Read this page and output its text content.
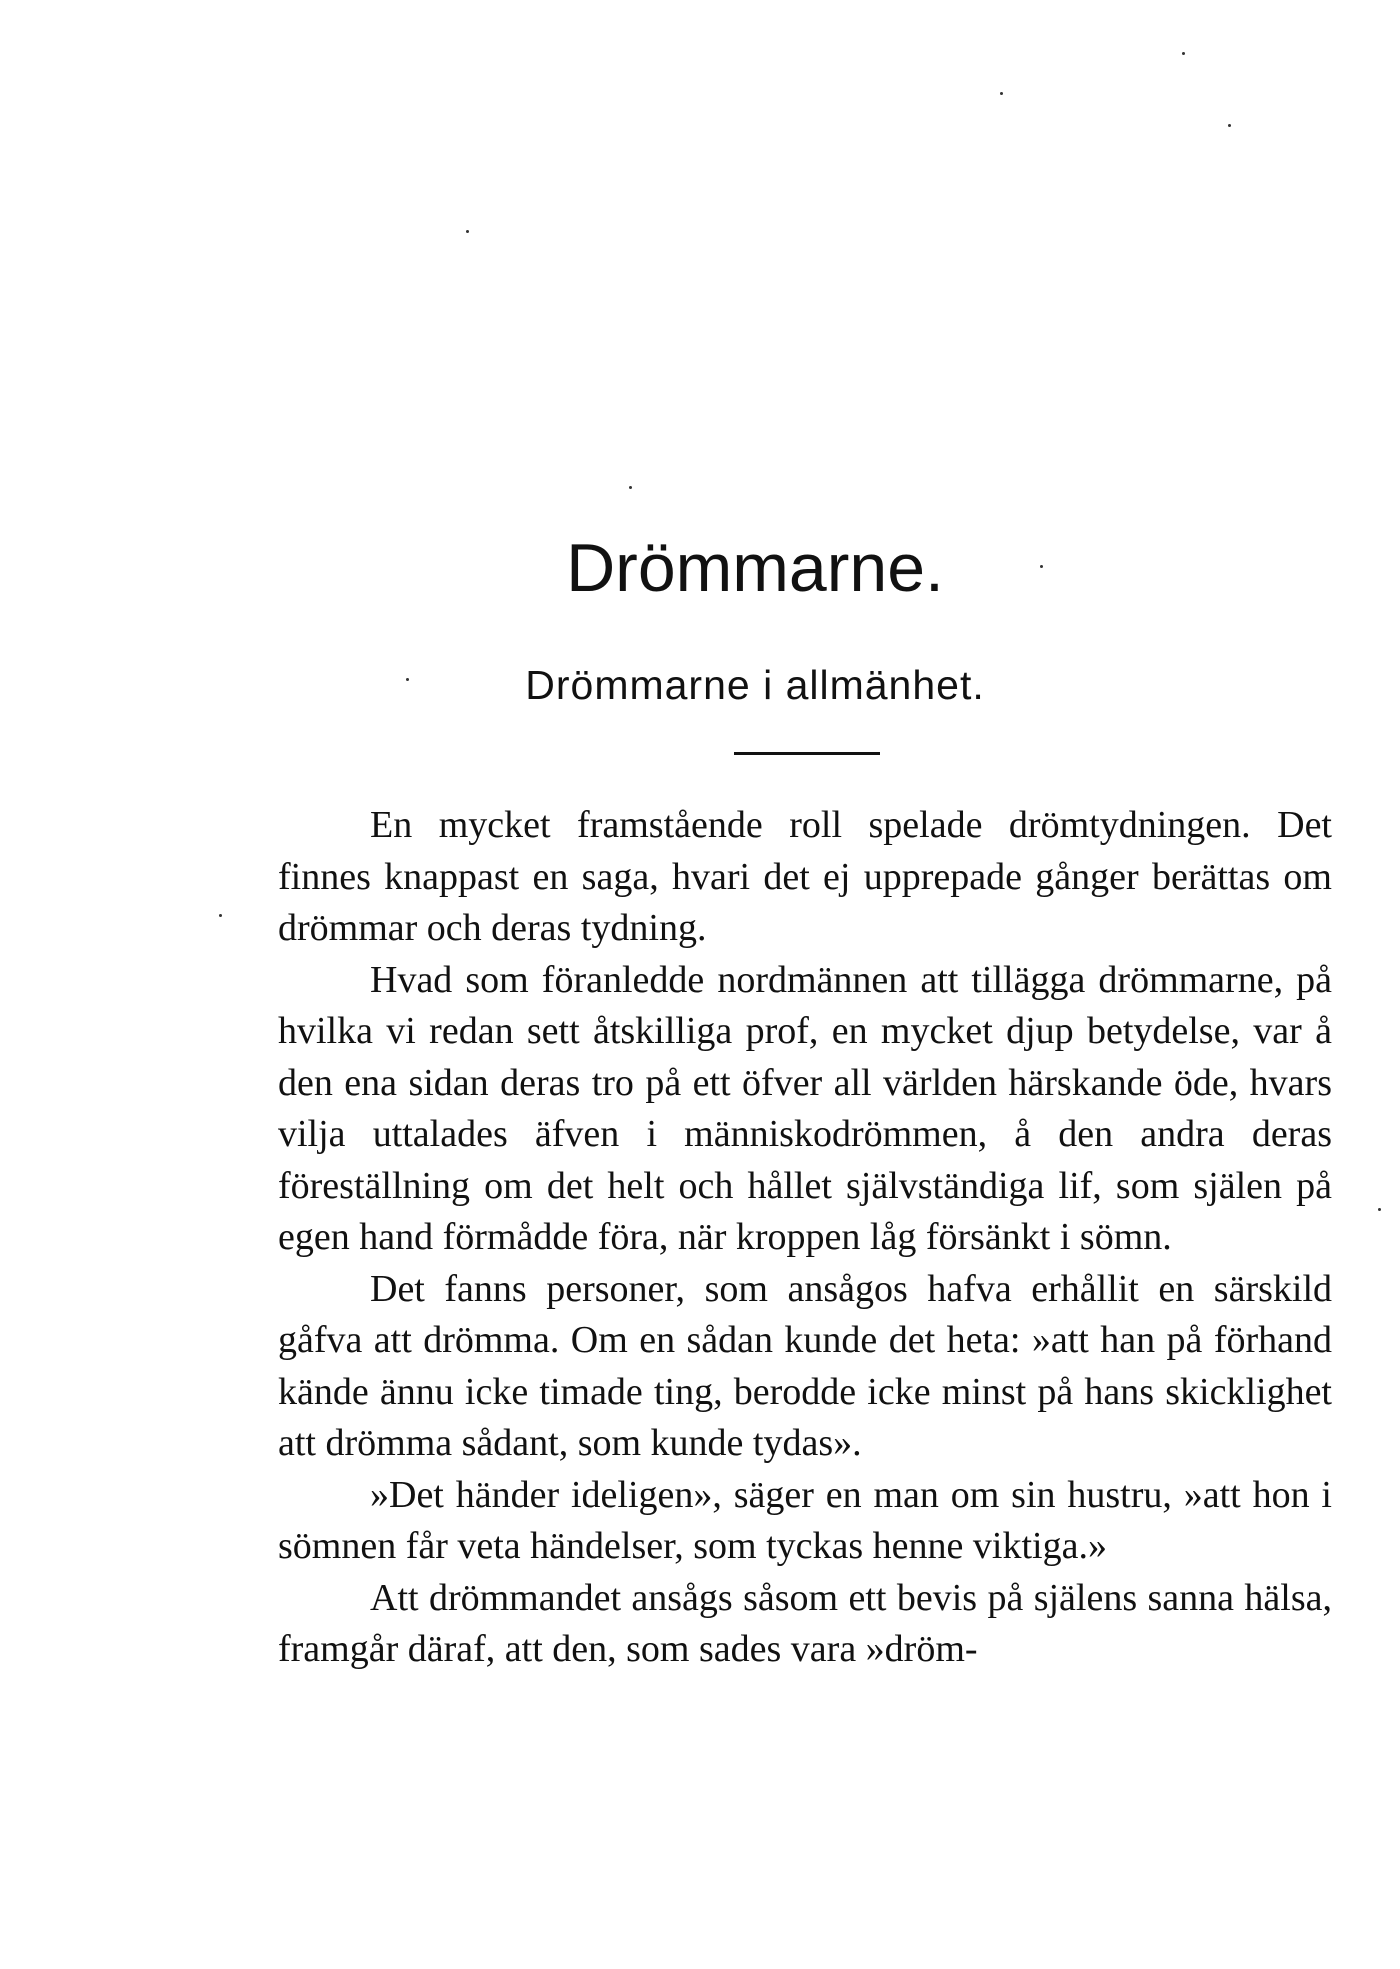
Drömmarne.
Drömmarne i allmänhet.

En mycket framstående roll spelade drömtydningen. Det finnes knappast en saga, hvari det ej upprepade gånger berättas om drömmar och deras tydning.

Hvad som föranledde nordmännen att tillägga drömmarne, på hvilka vi redan sett åtskilliga prof, en mycket djup betydelse, var å den ena sidan deras tro på ett öfver all världen härskande öde, hvars vilja uttalades äfven i människodrömmen, å den andra deras föreställning om det helt och hållet självständiga lif, som själen på egen hand förmådde föra, när kroppen låg försänkt i sömn.

Det fanns personer, som ansågos hafva erhållit en särskild gåfva att drömma. Om en sådan kunde det heta: »att han på förhand kände ännu icke timade ting, berodde icke minst på hans skicklighet att drömma sådant, som kunde tydas».

»Det händer ideligen», säger en man om sin hustru, »att hon i sömnen får veta händelser, som tyckas henne viktiga.»

Att drömmandet ansågs såsom ett bevis på själens sanna hälsa, framgår däraf, att den, som sades vara »dröm-
